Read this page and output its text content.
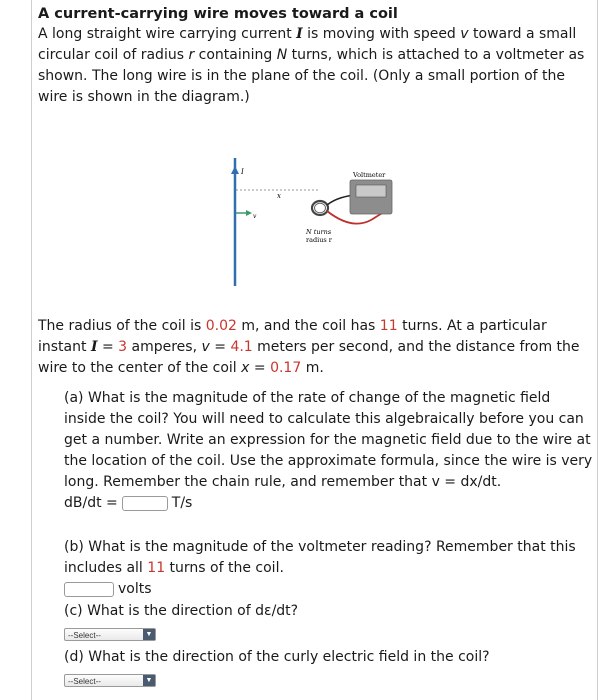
A current-carrying wire moves toward a coil

A long straight wire carrying current I is moving with speed v toward a small circular coil of radius r containing N turns, which is attached to a voltmeter as shown. The long wire is in the plane of the coil. (Only a small portion of the wire is shown in the diagram.)

I
x
v
Voltmeter
N turns
radius r

The radius of the coil is 0.02 m, and the coil has 11 turns. At a particular instant I = 3 amperes, v = 4.1 meters per second, and the distance from the wire to the center of the coil x = 0.17 m.

(a) What is the magnitude of the rate of change of the magnetic field inside the coil? You will need to calculate this algebraically before you can get a number. Write an expression for the magnetic field due to the wire at the location of the coil. Use the approximate formula, since the wire is very long. Remember the chain rule, and remember that v = dx/dt.
dB/dt =	T/s
(b) What is the magnitude of the voltmeter reading? Remember that this includes all 11 turns of the coil.
volts
(c) What is the direction of dε/dt?
--Select--	▼
(d) What is the direction of the curly electric field in the coil?
--Select--	▼
